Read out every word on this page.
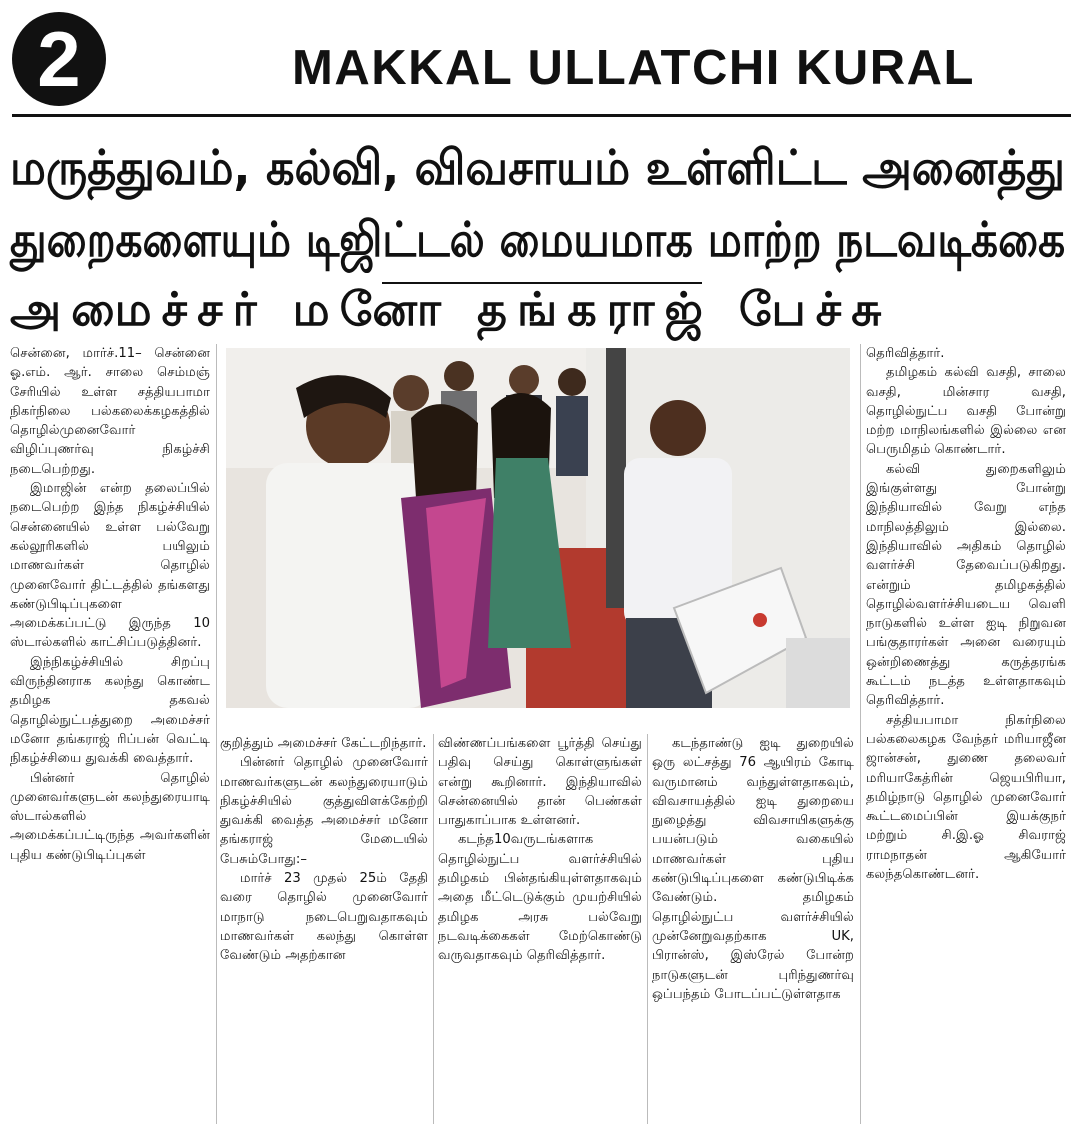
2	MAKKAL ULLATCHI KURAL
மருத்துவம், கல்வி, விவசாயம் உள்ளிட்ட அனைத்து
துறைகளையும் டிஜிட்டல் மையமாக மாற்ற நடவடிக்கை
அமைச்சர் மனோ தங்கராஜ் பேச்சு

சென்னை, மார்ச்.11– சென்னை ஓ.எம். ஆர். சாலை செம்மஞ் சேரியில் உள்ள சத்தியபாமா நிகர்நிலை பல்கலைக்கழகத்தில் தொழில்முனைவோர் விழிப்புணர்வு நிகழ்ச்சி நடைபெற்றது.

இமாஜின் என்ற தலைப்பில் நடைபெற்ற இந்த நிகழ்ச்சியில் சென்னையில் உள்ள பல்வேறு கல்லூரிகளில் பயிலும் மாணவர்கள் தொழில் முனைவோர் திட்டத்தில் தங்களது கண்டுபிடிப்புகளை அமைக்கப்பட்டு இருந்த 10 ஸ்டால்களில் காட்சிப்படுத்தினர்.

இந்நிகழ்ச்சியில் சிறப்பு விருந்தினராக கலந்து கொண்ட தமிழக தகவல் தொழில்நுட்பத்துறை அமைச்சர் மனோ தங்கராஜ் ரிப்பன் வெட்டி நிகழ்ச்சியை துவக்கி வைத்தார்.

பின்னர் தொழில் முனைவர்களுடன் கலந்துரையாடி ஸ்டால்களில் அமைக்கப்பட்டிருந்த அவர்களின் புதிய கண்டுபிடிப்புகள்

குறித்தும் அமைச்சர் கேட்டறிந்தார்.

பின்னர் தொழில் முனைவோர் மாணவர்களுடன் கலந்துரையாடும் நிகழ்ச்சியில் குத்துவிளக்கேற்றி துவக்கி வைத்த அமைச்சர் மனோ தங்கராஜ் மேடையில் பேசும்போது:–

மார்ச் 23 முதல் 25ம் தேதி வரை தொழில் முனைவோர் மாநாடு நடைபெறுவதாகவும் மாணவர்கள் கலந்து கொள்ள வேண்டும் அதற்கான

விண்ணப்பங்களை பூர்த்தி செய்து பதிவு செய்து கொள்ளுங்கள் என்று கூறினார். இந்தியாவில் சென்னையில் தான் பெண்கள் பாதுகாப்பாக உள்ளனர்.

கடந்த10வருடங்களாக தொழில்நுட்ப வளர்ச்சியில் தமிழகம் பின்தங்கியுள்ளதாகவும் அதை மீட்டெடுக்கும் முயற்சியில் தமிழக அரசு பல்வேறு நடவடிக்கைகள் மேற்கொண்டு வருவதாகவும் தெரிவித்தார்.

கடந்தாண்டு ஐடி துறையில் ஒரு லட்சத்து 76 ஆயிரம் கோடி வருமானம் வந்துள்ளதாகவும், விவசாயத்தில் ஐடி துறையை நுழைத்து விவசாயிகளுக்கு பயன்படும் வகையில் மாணவர்கள் புதிய கண்டுபிடிப்புகளை கண்டுபிடிக்க வேண்டும். தமிழகம் தொழில்நுட்ப வளர்ச்சியில் முன்னேறுவதற்காக UK, பிரான்ஸ், இஸ்ரேல் போன்ற நாடுகளுடன் புரிந்துணர்வு ஒப்பந்தம் போடப்பட்டுள்ளதாக

தெரிவித்தார்.

தமிழகம் கல்வி வசதி, சாலை வசதி, மின்சார வசதி, தொழில்நுட்ப வசதி போன்று மற்ற மாநிலங்களில் இல்லை என பெருமிதம் கொண்டார்.

கல்வி துறைகளிலும் இங்குள்ளது போன்று இந்தியாவில் வேறு எந்த மாநிலத்திலும் இல்லை. இந்தியாவில் அதிகம் தொழில் வளர்ச்சி தேவைப்படுகிறது. என்றும் தமிழகத்தில் தொழில்வளர்ச்சியடைய வெளி நாடுகளில் உள்ள ஐடி நிறுவன பங்குதாரர்கள் அனை வரையும் ஒன்றிணைத்து கருத்தரங்க கூட்டம் நடத்த உள்ளதாகவும் தெரிவித்தார்.

சத்தியபாமா நிகர்நிலை பல்கலைகழக வேந்தர் மரியாஜீன ஜான்சன், துணை தலைவர் மரியாகேத்ரின் ஜெயபிரியா, தமிழ்நாடு தொழில் முனைவோர் கூட்டமைப்பின் இயக்குநர் மற்றும் சி.இ.ஓ சிவராஜ் ராமநாதன் ஆகியோர் கலந்தகொண்டனர்.
